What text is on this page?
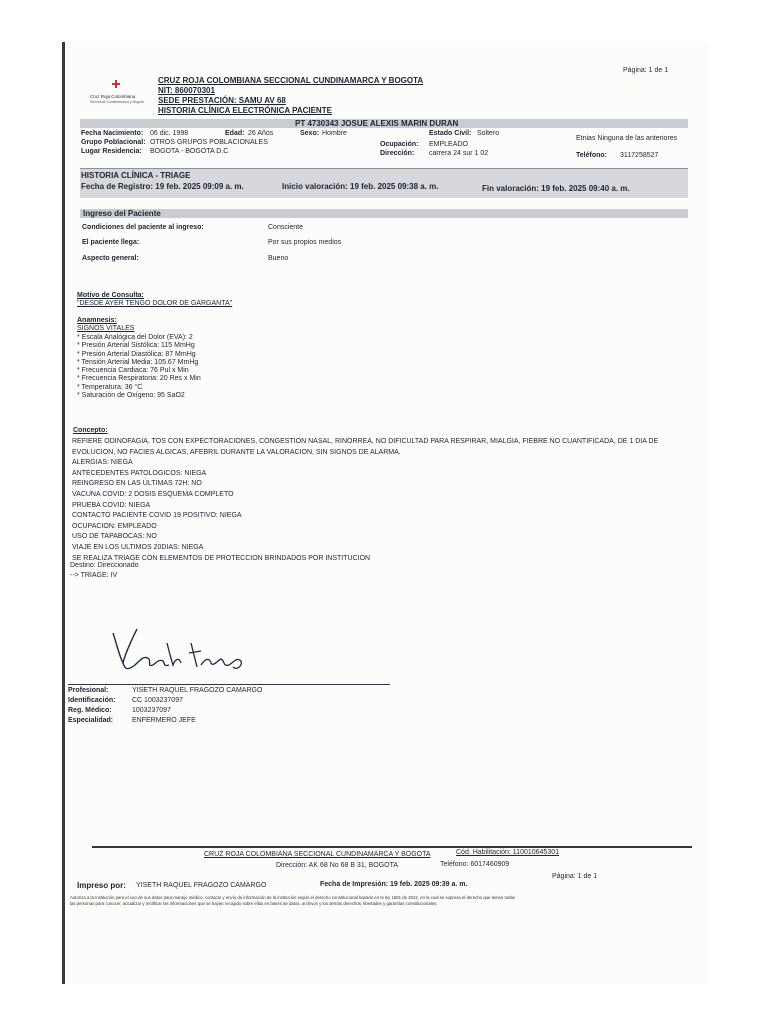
Página: 1 de 1
Cruz Roja Colombiana
Seccional Cundinamarca y Bogotá
CRUZ ROJA COLOMBIANA SECCIONAL CUNDINAMARCA Y BOGOTA
NIT: 860070301
SEDE PRESTACIÓN: SAMU AV 68
HISTORIA CLÍNICA ELECTRÓNICA PACIENTE
PT 4730343 JOSUE ALEXIS MARIN DURAN
Fecha Nacimiento: 06 dic. 1998	Edad: 26 Años	Sexo: Hombre	Estado Civil: Soltero
Etnias Ninguna de las anteriores
Grupo Poblacional: OTROS GRUPOS POBLACIONALES	Ocupación: EMPLEADO
Lugar Residencia: BOGOTA - BOGOTA D.C	Dirección: carrera 24 sur 1 02	Teléfono: 3117258527
HISTORIA CLÍNICA - TRIAGE
Fecha de Registro: 19 feb. 2025 09:09 a. m.	Inicio valoración: 19 feb. 2025 09:38 a. m.	Fin valoración: 19 feb. 2025 09:40 a. m.
Ingreso del Paciente
Condiciones del paciente al ingreso:	Consciente
El paciente llega:	Por sus propios medios
Aspecto general:	Bueno
Motivo de Consulta:
"DESDE AYER TENGO DOLOR DE GARGANTA"
Anamnesis:
SIGNOS VITALES
* Escala Analógica del Dolor (EVA): 2
* Presión Arterial Sistólica: 115 MmHg
* Presión Arterial Diastólica: 87 MmHg
* Tensión Arterial Media: 105.67 MmHg
* Frecuencia Cardiaca: 76 Pul x Min
* Frecuencia Respiratoria: 20 Res x Min
* Temperatura: 36 °C
* Saturación de Oxígeno: 95 SaO2
Concepto:
REFIERE ODINOFAGIA, TOS CON EXPECTORACIONES, CONGESTION NASAL, RINORREA, NO DIFICULTAD PARA RESPIRAR, MIALGIA, FIEBRE NO CUANTIFICADA, DE 1 DIA DE
EVOLUCION, NO FACIES ALGICAS, AFEBRIL DURANTE LA VALORACION, SIN SIGNOS DE ALARMA.
ALERGIAS: NIEGA
ANTECEDENTES PATOLOGICOS: NIEGA
REINGRESO EN LAS ÚLTIMAS 72H: NO
VACUNA COVID: 2 DOSIS ESQUEMA COMPLETO
PRUEBA COVID: NIEGA
CONTACTO PACIENTE COVID 19 POSITIVO: NIEGA
OCUPACION: EMPLEADO
USO DE TAPABOCAS: NO
VIAJE EN LOS ULTIMOS 20DIAS: NIEGA
SE REALIZA TRIAGE CON ELEMENTOS DE PROTECCION BRINDADOS POR INSTITUCION
Destino: Direccionado
--> TRIAGE: IV
Yiseth fragozo
Profesional:	YISETH RAQUEL FRAGOZO CAMARGO
Identificación: CC 1003237097
Reg. Médico:	1003237097
Especialidad:	ENFERMERO JEFE
CRUZ ROJA COLOMBIANA SECCIONAL CUNDINAMARCA Y BOGOTA	Cód. Habilitación: 110010645301
Dirección: AK 68 No 68 B 31, BOGOTA	Teléfono: 6017460909
Impreso por: YISETH RAQUEL FRAGOZO CAMARGO	Fecha de Impresión: 19 feb. 2025 09:39 a. m.
Página: 1 de 1
Autoriza a la Institución para el uso de sus datos para manejo médico, contacto y envío de información de la institución según el derecho constitucional basado en la ley 1581 de 2012, en la cual se expresa el derecho que tienen todas
las personas para conocer, actualizar y rectificar las informaciones que se hayan recogido sobre ellas en bases de datos, archivos y los demás derechos, libertades y garantías constitucionales.
